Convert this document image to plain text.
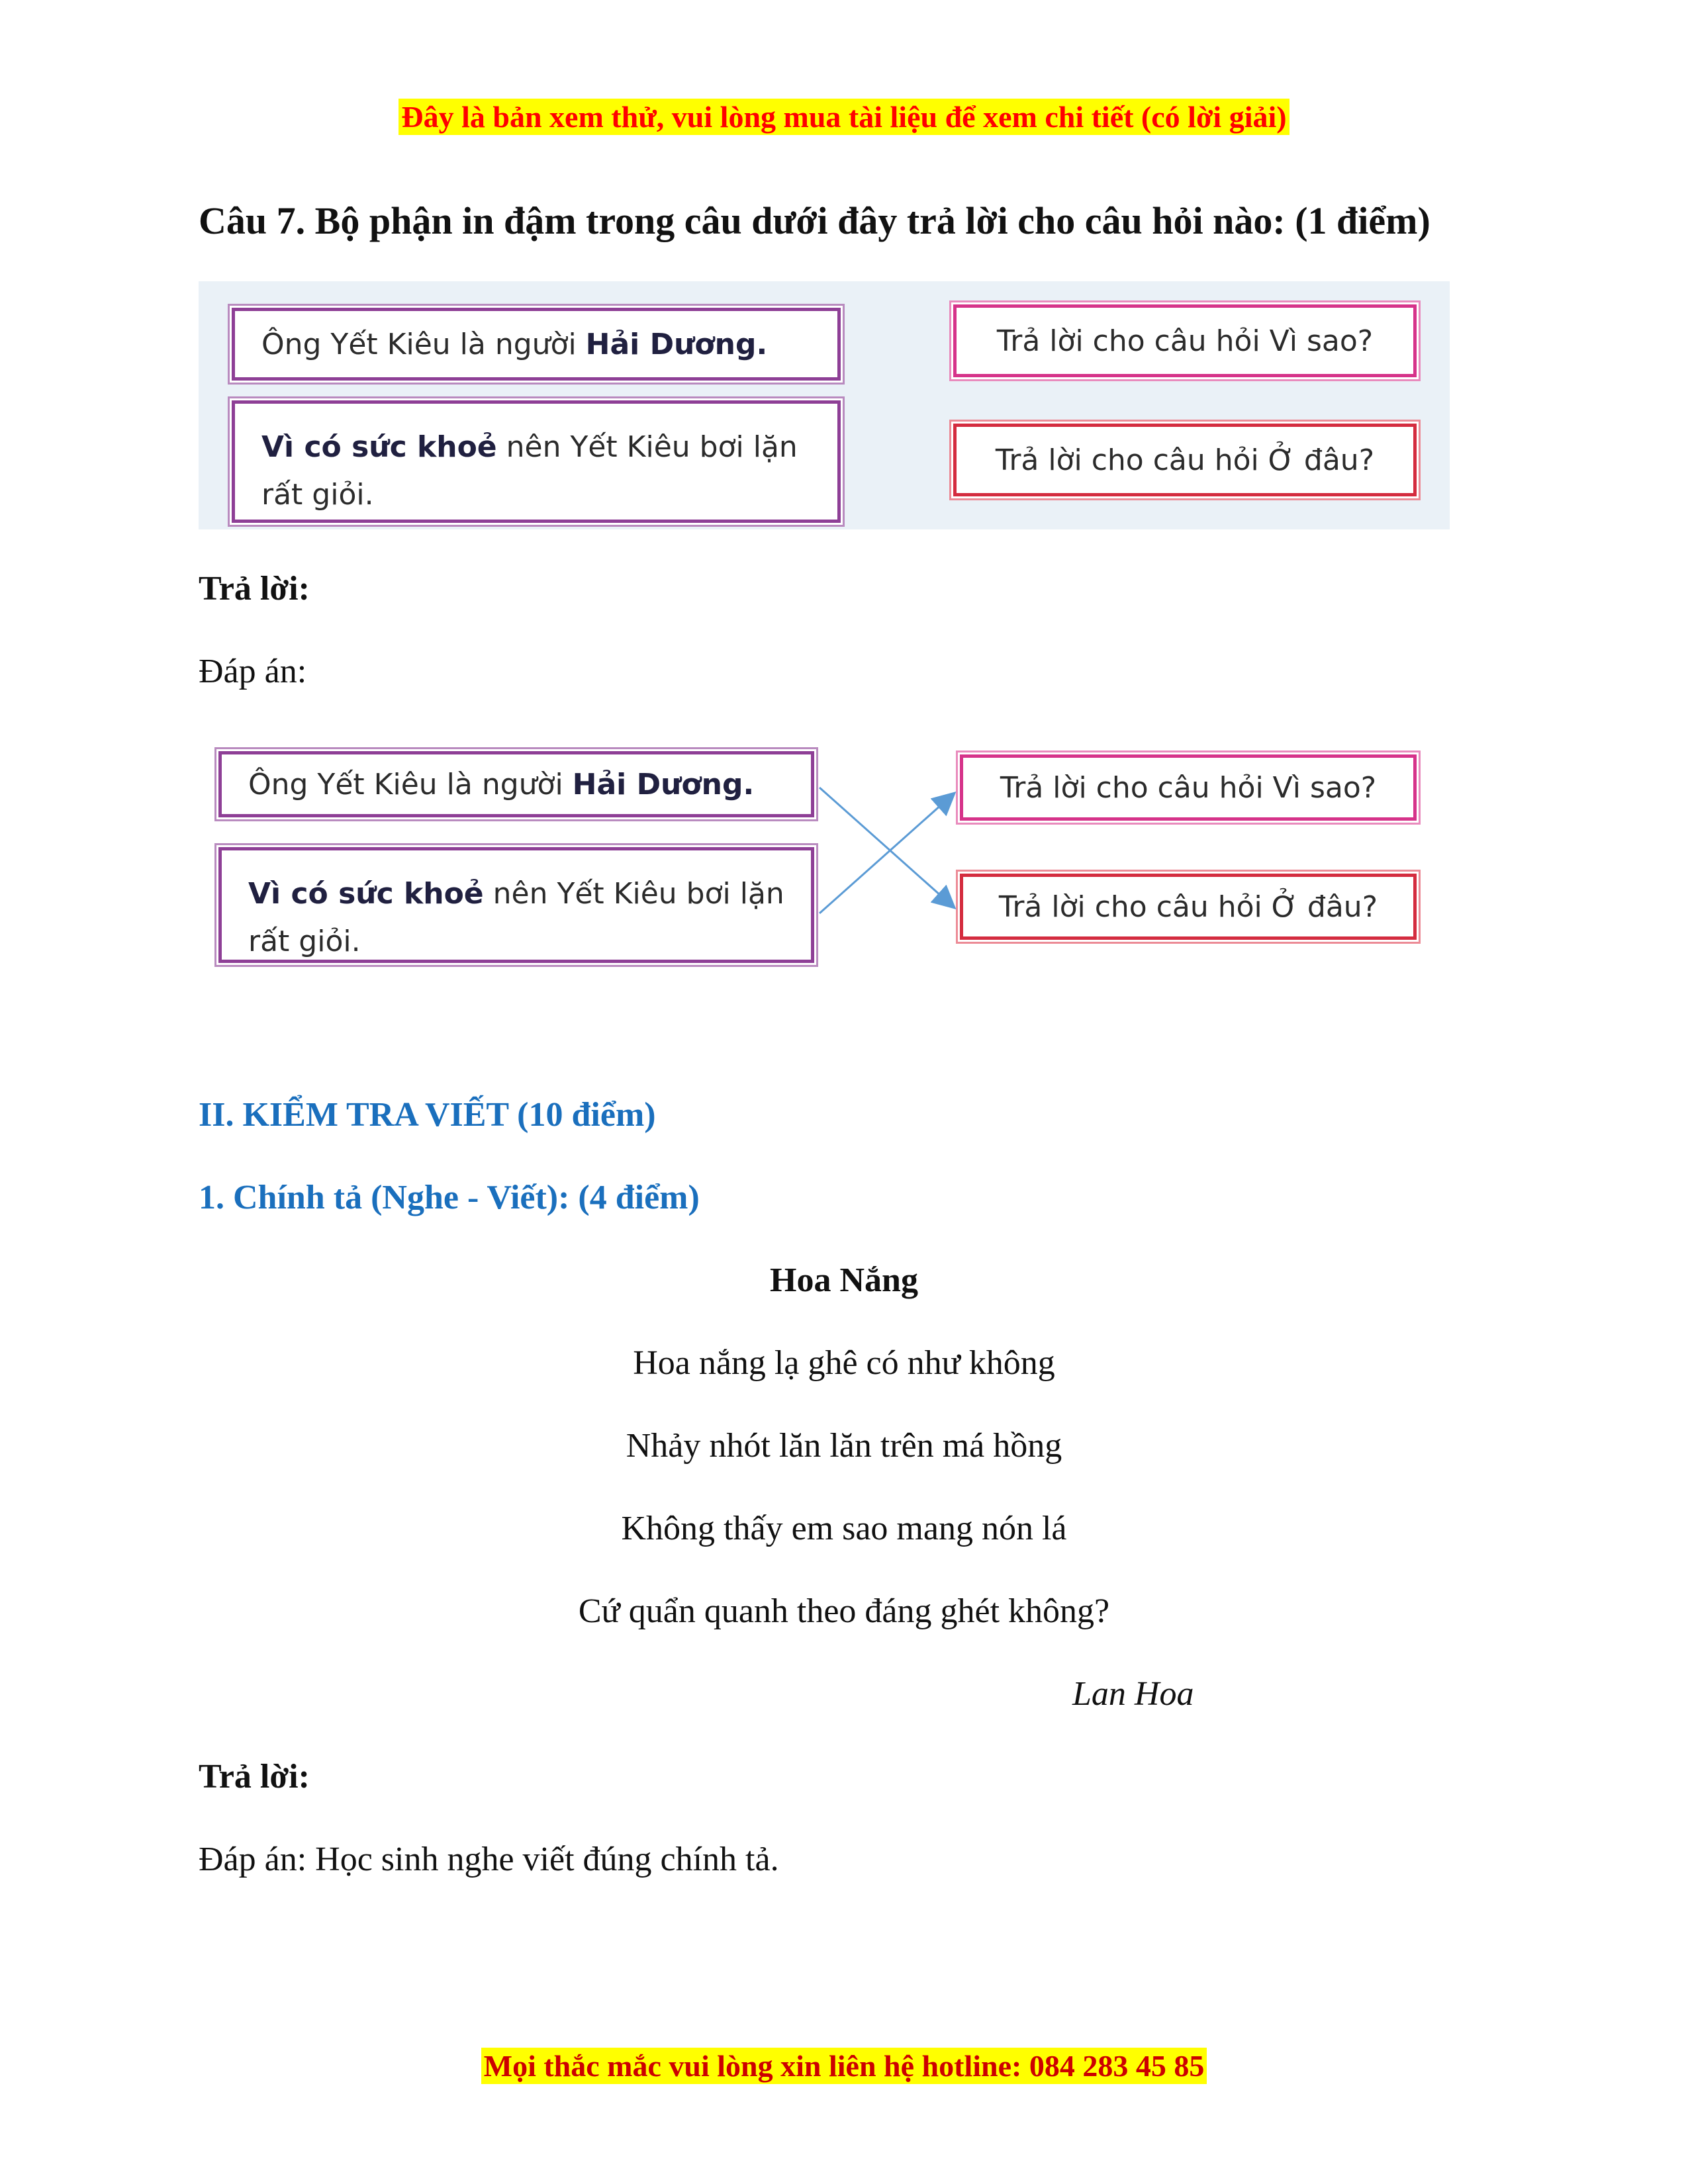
Đây là bản xem thử, vui lòng mua tài liệu để xem chi tiết (có lời giải)
Câu 7. Bộ phận in đậm trong câu dưới đây trả lời cho câu hỏi nào: (1 điểm)
Ông Yết Kiêu là người Hải Dương.
Vì có sức khoẻ nên Yết Kiêu bơi lặn rất giỏi.
Trả lời cho câu hỏi Vì sao?
Trả lời cho câu hỏi Ở đâu?
Trả lời:
Đáp án:
Ông Yết Kiêu là người Hải Dương.
Vì có sức khoẻ nên Yết Kiêu bơi lặn rất giỏi.
Trả lời cho câu hỏi Vì sao?
Trả lời cho câu hỏi Ở đâu?
II. KIỂM TRA VIẾT (10 điểm)
1. Chính tả (Nghe - Viết): (4 điểm)
Hoa Nắng
Hoa nắng lạ ghê có như không
Nhảy nhót lăn lăn trên má hồng
Không thấy em sao mang nón lá
Cứ quẩn quanh theo đáng ghét không?
Lan Hoa
Trả lời:
Đáp án: Học sinh nghe viết đúng chính tả.
Mọi thắc mắc vui lòng xin liên hệ hotline: 084 283 45 85
